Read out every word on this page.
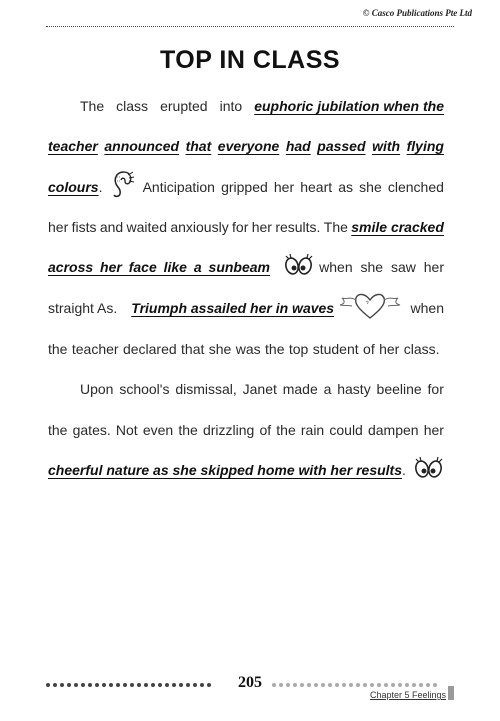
© Casco Publications Pte Ltd
TOP IN CLASS
The class erupted into euphoric jubilation when the
teacher announced that everyone had passed with flying
colours .	Anticipation gripped her heart as she clenched
her fists and waited anxiously for her results. The smile cracked
across her face like a sunbeam	when she saw her
straight As. Triumph assailed her in waves	when
the teacher declared that she was the top student of her class.
Upon school's dismissal, Janet made a hasty beeline for
the gates. Not even the drizzling of the rain could dampen her
cheerful nature as she skipped home with her results .
205
Chapter 5 Feelings
